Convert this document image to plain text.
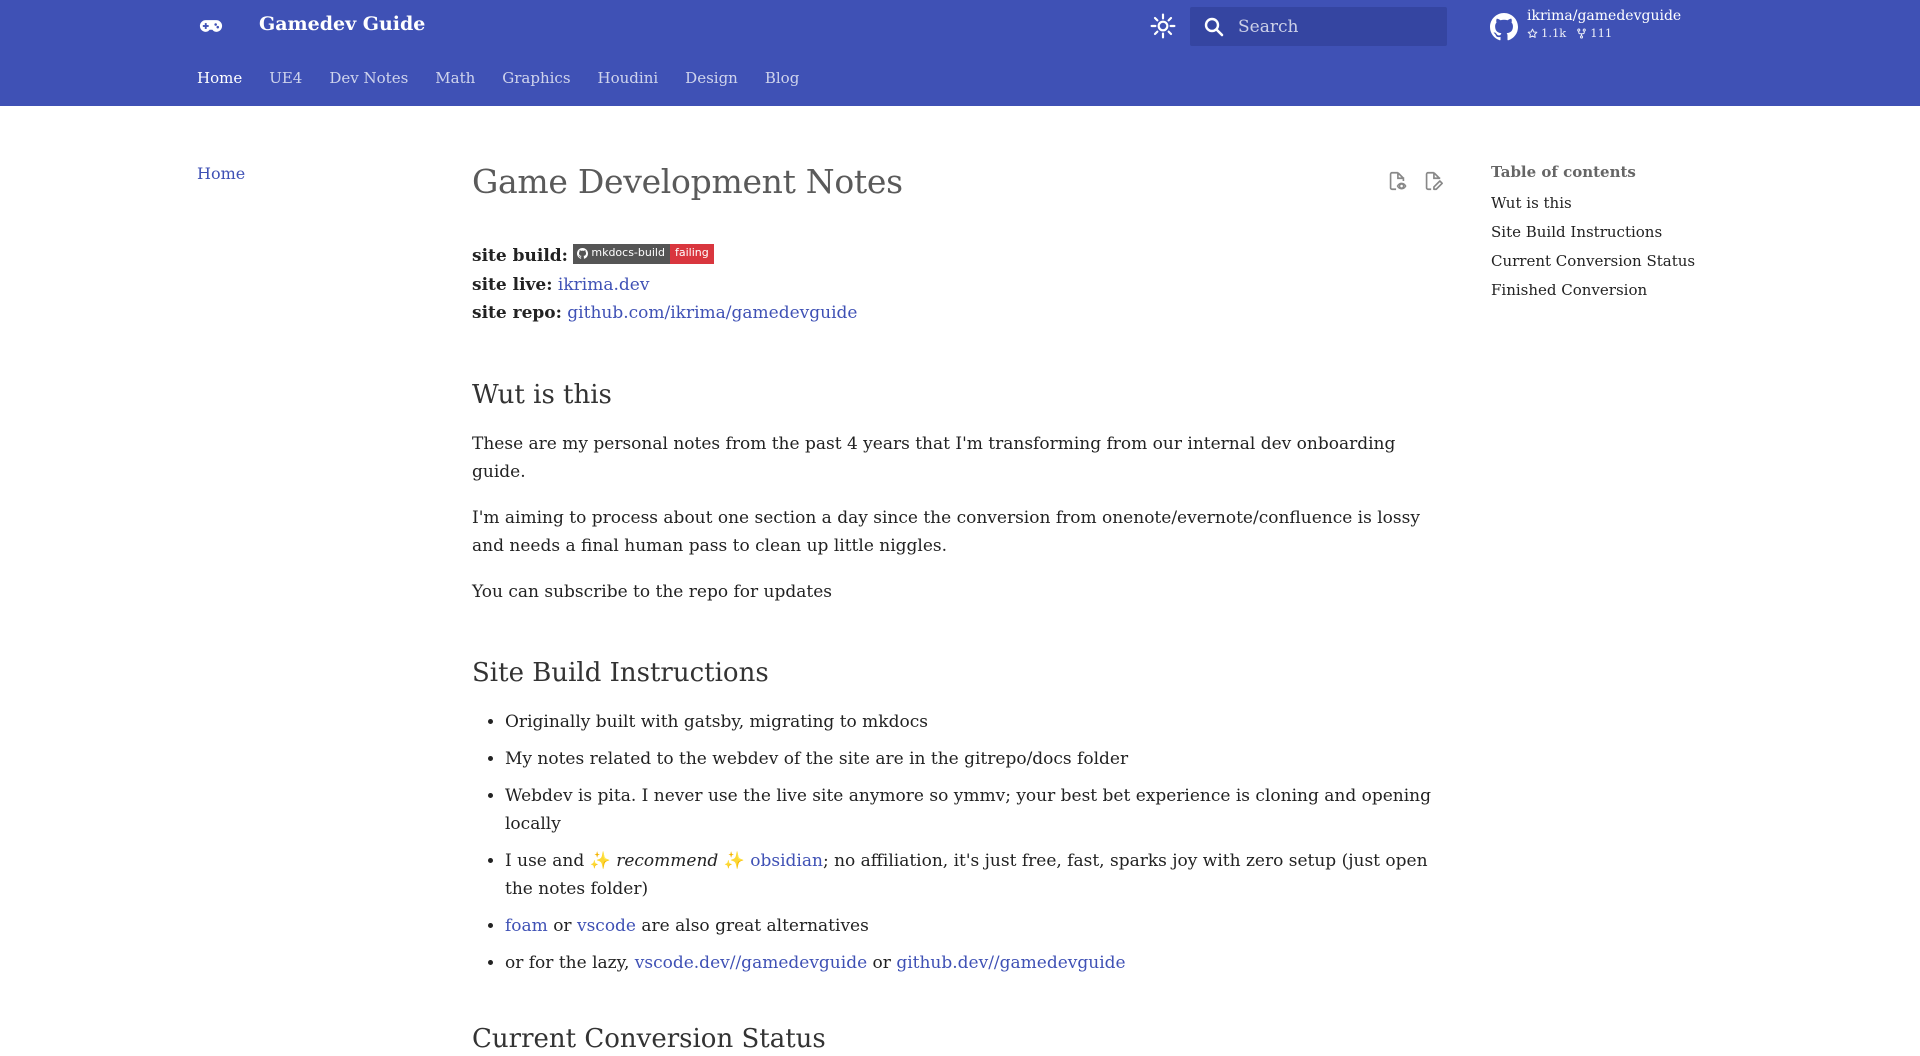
Gamedev Guide
Search	ikrima/gamedevguide
1.1k 111
Home UE4 Dev Notes Math Graphics Houdini Design Blog
Home	Game Development Notes
site build: mkdocs-build failing
site live: ikrima.dev
site repo: github.com/ikrima/gamedevguide
Wut is this

These are my personal notes from the past 4 years that I'm transforming from our internal dev onboarding guide.

I'm aiming to process about one section a day since the conversion from onenote/evernote/confluence is lossy and needs a final human pass to clean up little niggles.

You can subscribe to the repo for updates

Site Build Instructions
• Originally built with gatsby, migrating to mkdocs
• My notes related to the webdev of the site are in the gitrepo/docs folder
• Webdev is pita. I never use the live site anymore so ymmv; your best bet experience is cloning and opening locally
• I use and ✨ recommend ✨ obsidian; no affiliation, it's just free, fast, sparks joy with zero setup (just open the notes folder)
• foam or vscode are also great alternatives
• or for the lazy, vscode.dev//gamedevguide or github.dev//gamedevguide
Current Conversion Status
Table of contents
Wut is this
Site Build Instructions
Current Conversion Status
Finished Conversion
